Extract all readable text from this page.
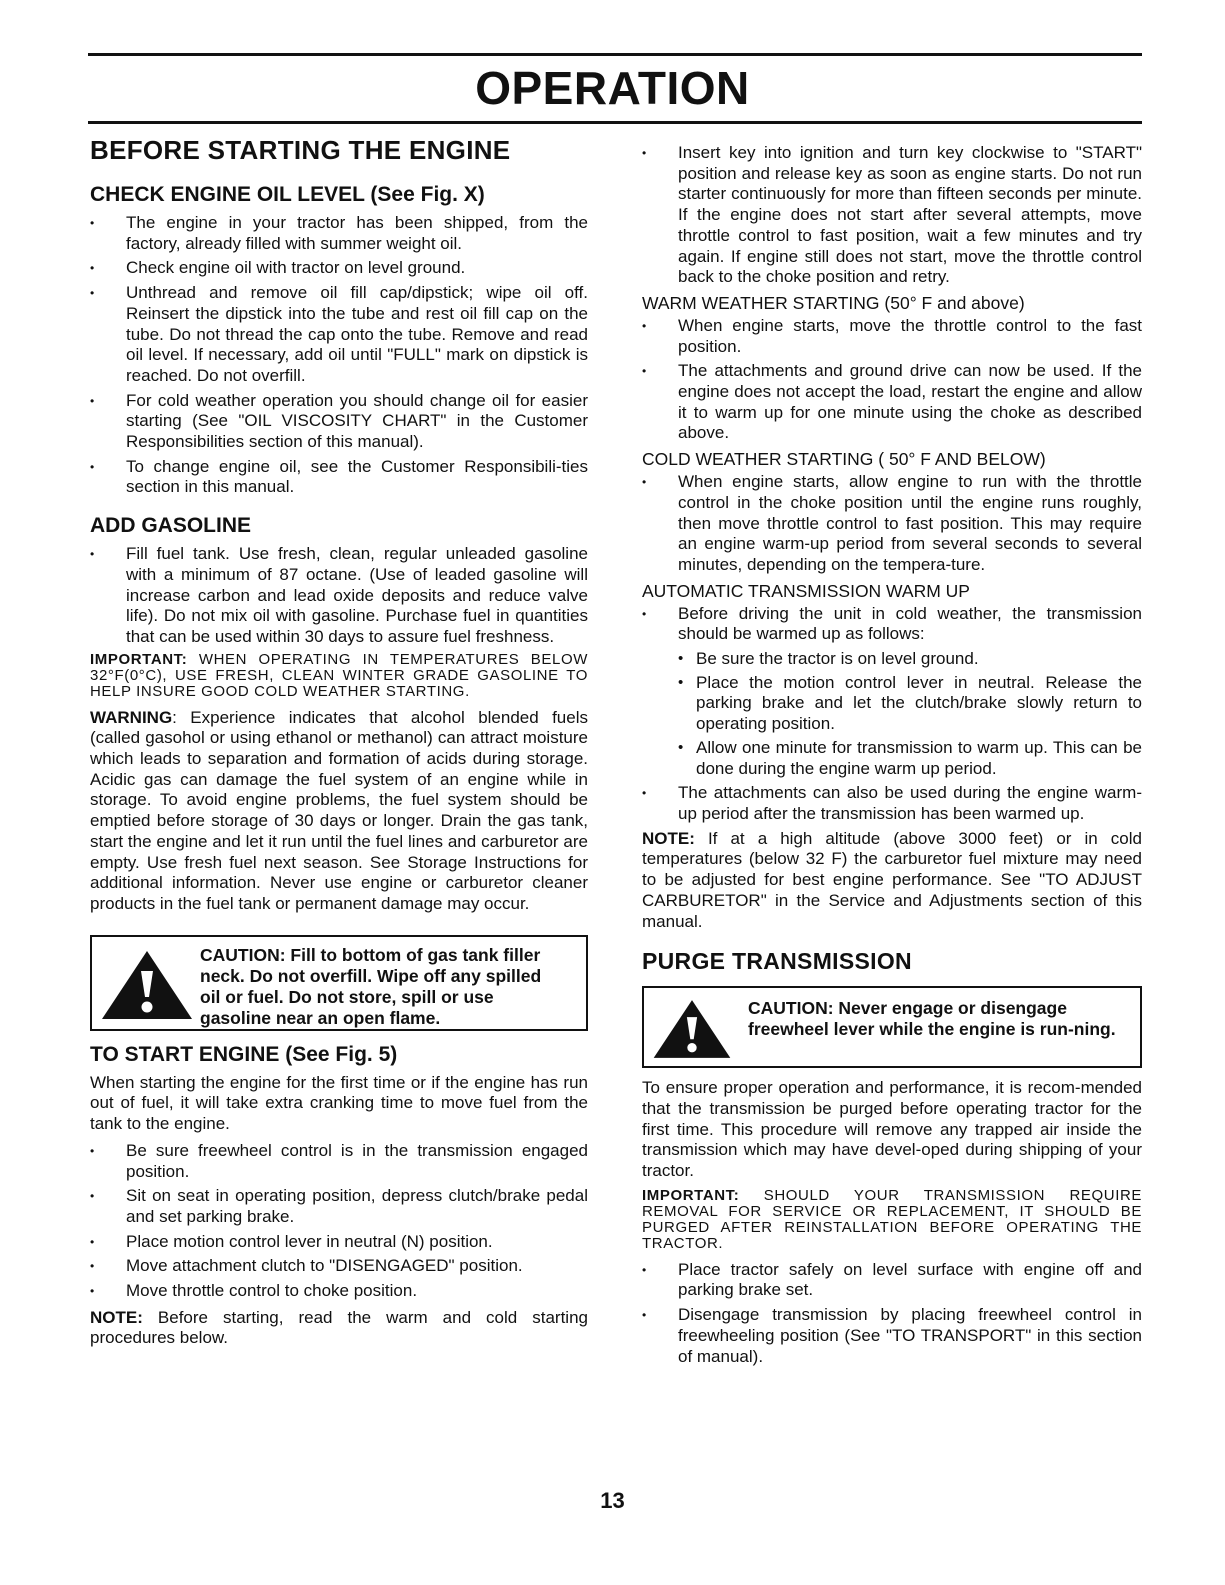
OPERATION
BEFORE STARTING THE ENGINE
CHECK ENGINE OIL LEVEL (See Fig. X)
• The engine in your tractor has been shipped, from the factory, already filled with summer weight oil.
• Check engine oil with tractor on level ground.
• Unthread and remove oil fill cap/dipstick; wipe oil off. Reinsert the dipstick into the tube and rest oil fill cap on the tube. Do not thread the cap onto the tube. Remove and read oil level. If necessary, add oil until "FULL" mark on dipstick is reached. Do not overfill.
• For cold weather operation you should change oil for easier starting (See "OIL VISCOSITY CHART" in the Customer Responsibilities section of this manual).
• To change engine oil, see the Customer Responsibili-ties section in this manual.
ADD GASOLINE
• Fill fuel tank. Use fresh, clean, regular unleaded gasoline with a minimum of 87 octane. (Use of leaded gasoline will increase carbon and lead oxide deposits and reduce valve life). Do not mix oil with gasoline. Purchase fuel in quantities that can be used within 30 days to assure fuel freshness.

IMPORTANT: WHEN OPERATING IN TEMPERATURES BELOW 32°F(0°C), USE FRESH, CLEAN WINTER GRADE GASOLINE TO HELP INSURE GOOD COLD WEATHER STARTING.

WARNING: Experience indicates that alcohol blended fuels (called gasohol or using ethanol or methanol) can attract moisture which leads to separation and formation of acids during storage. Acidic gas can damage the fuel system of an engine while in storage. To avoid engine problems, the fuel system should be emptied before storage of 30 days or longer. Drain the gas tank, start the engine and let it run until the fuel lines and carburetor are empty. Use fresh fuel next season. See Storage Instructions for additional information. Never use engine or carburetor cleaner products in the fuel tank or permanent damage may occur.

CAUTION: Fill to bottom of gas tank filler neck. Do not overfill. Wipe off any spilled oil or fuel. Do not store, spill or use gasoline near an open flame.
TO START ENGINE (See Fig. 5)

When starting the engine for the first time or if the engine has run out of fuel, it will take extra cranking time to move fuel from the tank to the engine.

• Be sure freewheel control is in the transmission engaged position.
• Sit on seat in operating position, depress clutch/brake pedal and set parking brake.
• Place motion control lever in neutral (N) position.
• Move attachment clutch to "DISENGAGED" position.
• Move throttle control to choke position.

NOTE: Before starting, read the warm and cold starting procedures below.

• Insert key into ignition and turn key clockwise to "START" position and release key as soon as engine starts. Do not run starter continuously for more than fifteen seconds per minute. If the engine does not start after several attempts, move throttle control to fast position, wait a few minutes and try again. If engine still does not start, move the throttle control back to the choke position and retry.
WARM WEATHER STARTING (50° F and above)
• When engine starts, move the throttle control to the fast position.
• The attachments and ground drive can now be used. If the engine does not accept the load, restart the engine and allow it to warm up for one minute using the choke as described above.
COLD WEATHER STARTING ( 50° F AND BELOW)
• When engine starts, allow engine to run with the throttle control in the choke position until the engine runs roughly, then move throttle control to fast position. This may require an engine warm-up period from several seconds to several minutes, depending on the tempera-ture.
AUTOMATIC TRANSMISSION WARM UP
• Before driving the unit in cold weather, the transmission should be warmed up as follows:
• Be sure the tractor is on level ground.
• Place the motion control lever in neutral. Release the parking brake and let the clutch/brake slowly return to operating position.
• Allow one minute for transmission to warm up. This can be done during the engine warm up period.
• The attachments can also be used during the engine warm-up period after the transmission has been warmed up.

NOTE: If at a high altitude (above 3000 feet) or in cold temperatures (below 32 F) the carburetor fuel mixture may need to be adjusted for best engine performance. See "TO ADJUST CARBURETOR" in the Service and Adjustments section of this manual.

PURGE TRANSMISSION
CAUTION: Never engage or disengage freewheel lever while the engine is run-ning.

To ensure proper operation and performance, it is recom-mended that the transmission be purged before operating tractor for the first time. This procedure will remove any trapped air inside the transmission which may have devel-oped during shipping of your tractor.

IMPORTANT: SHOULD YOUR TRANSMISSION REQUIRE REMOVAL FOR SERVICE OR REPLACEMENT, IT SHOULD BE PURGED AFTER REINSTALLATION BEFORE OPERATING THE TRACTOR.

• Place tractor safely on level surface with engine off and parking brake set.
• Disengage transmission by placing freewheel control in freewheeling position (See "TO TRANSPORT" in this section of manual).
13
